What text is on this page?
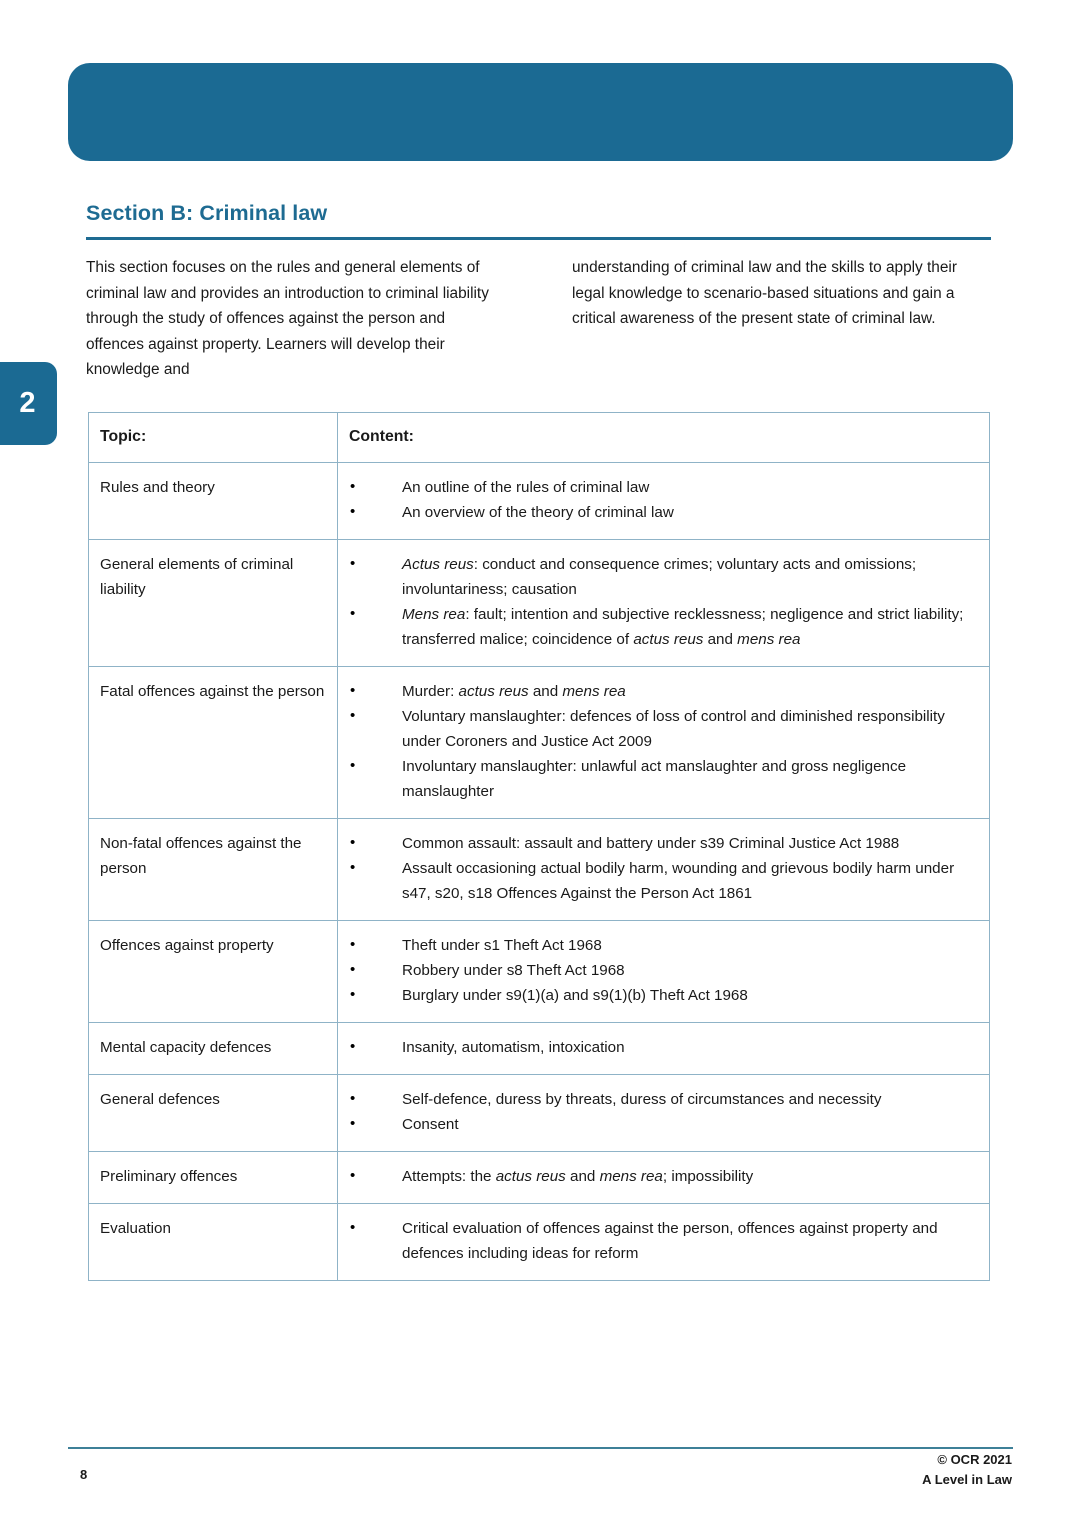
2
Section B: Criminal law
This section focuses on the rules and general elements of criminal law and provides an introduction to criminal liability through the study of offences against the person and offences against property. Learners will develop their knowledge and
understanding of criminal law and the skills to apply their legal knowledge to scenario-based situations and gain a critical awareness of the present state of criminal law.
Topic:	Content:
Rules and theory	
•An outline of the rules of criminal law
• An overview of the theory of criminal law

General elements of criminal liability	
• Actus reus: conduct and consequence crimes; voluntary acts and omissions; involuntariness; causation
• Mens rea: fault; intention and subjective recklessness; negligence and strict liability; transferred malice; coincidence of actus reus and mens rea

Fatal offences against the person	
•Murder: actus reus and mens rea
• Voluntary manslaughter: defences of loss of control and diminished responsibility under Coroners and Justice Act 2009
• Involuntary manslaughter: unlawful act manslaughter and gross negligence manslaughter

Non-fatal offences against the person	
• Common assault: assault and battery under s39 Criminal Justice Act 1988
• Assault occasioning actual bodily harm, wounding and grievous bodily harm under s47, s20, s18 Offences Against the Person Act 1861

Offences against property	
•Theft under s1 Theft Act 1968
• Robbery under s8 Theft Act 1968
• Burglary under s9(1)(a) and s9(1)(b) Theft Act 1968

Mental capacity defences	
•Insanity, automatism, intoxication

General defences	
•Self-defence, duress by threats, duress of circumstances and necessity
• Consent

Preliminary offences	
•Attempts: the actus reus and mens rea; impossibility

Evaluation	
•Critical evaluation of offences against the person, offences against property and defences including ideas for reform
8
© OCR 2021
A Level in Law
